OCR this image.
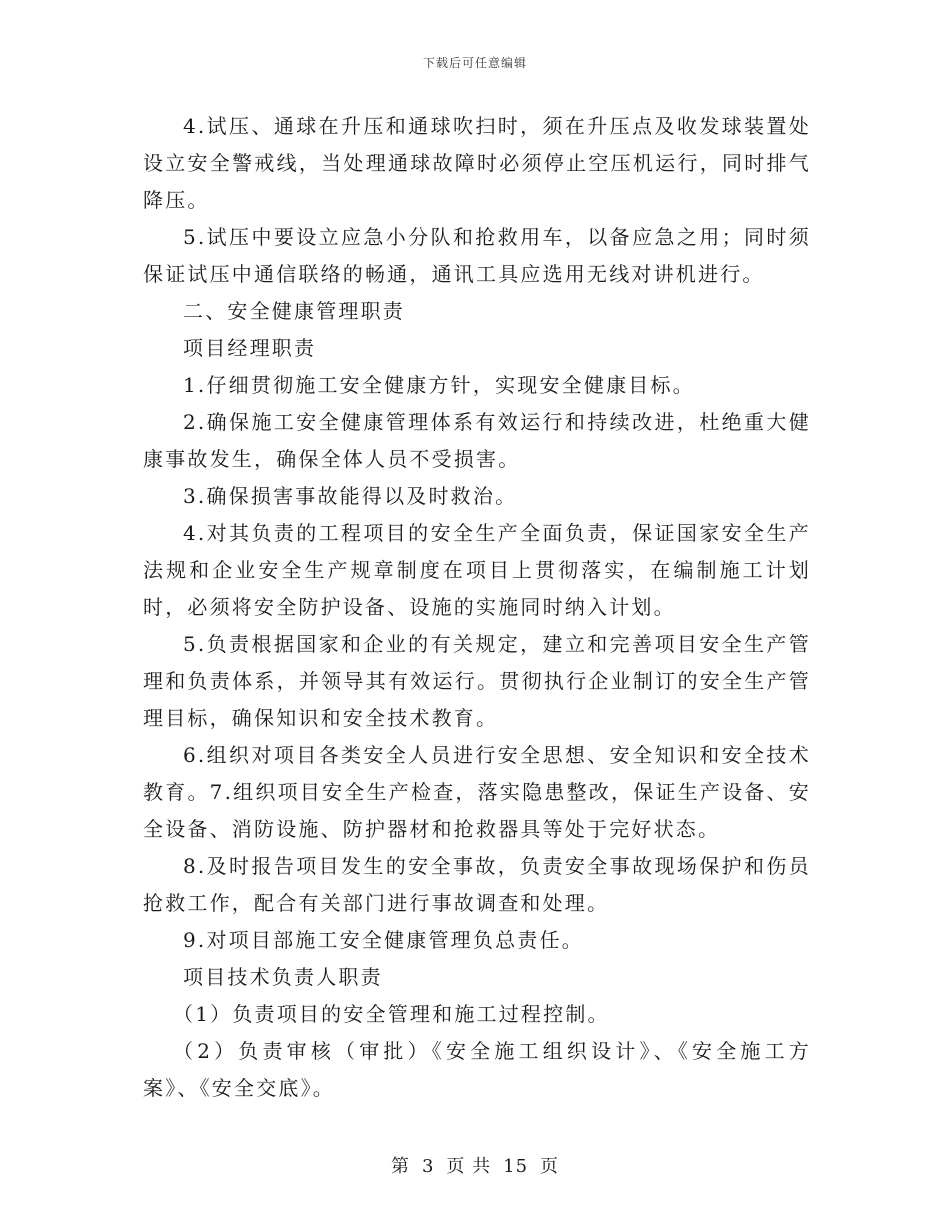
下载后可任意编辑

4.试压、通球在升压和通球吹扫时，须在升压点及收发球装置处设立安全警戒线，当处理通球故障时必须停止空压机运行，同时排气降压。

5.试压中要设立应急小分队和抢救用车，以备应急之用；同时须保证试压中通信联络的畅通，通讯工具应选用无线对讲机进行。

二、安全健康管理职责

项目经理职责

1.仔细贯彻施工安全健康方针，实现安全健康目标。

2.确保施工安全健康管理体系有效运行和持续改进，杜绝重大健康事故发生，确保全体人员不受损害。

3.确保损害事故能得以及时救治。

4.对其负责的工程项目的安全生产全面负责，保证国家安全生产法规和企业安全生产规章制度在项目上贯彻落实，在编制施工计划时，必须将安全防护设备、设施的实施同时纳入计划。

5.负责根据国家和企业的有关规定，建立和完善项目安全生产管理和负责体系，并领导其有效运行。贯彻执行企业制订的安全生产管理目标，确保知识和安全技术教育。

6.组织对项目各类安全人员进行安全思想、安全知识和安全技术教育。7.组织项目安全生产检查，落实隐患整改，保证生产设备、安全设备、消防设施、防护器材和抢救器具等处于完好状态。

8.及时报告项目发生的安全事故，负责安全事故现场保护和伤员抢救工作，配合有关部门进行事故调查和处理。

9.对项目部施工安全健康管理负总责任。

项目技术负责人职责

（1）负责项目的安全管理和施工过程控制。

（2）负责审核（审批）《安全施工组织设计》、《安全施工方案》、《安全交底》。

第 3 页 共 15 页
